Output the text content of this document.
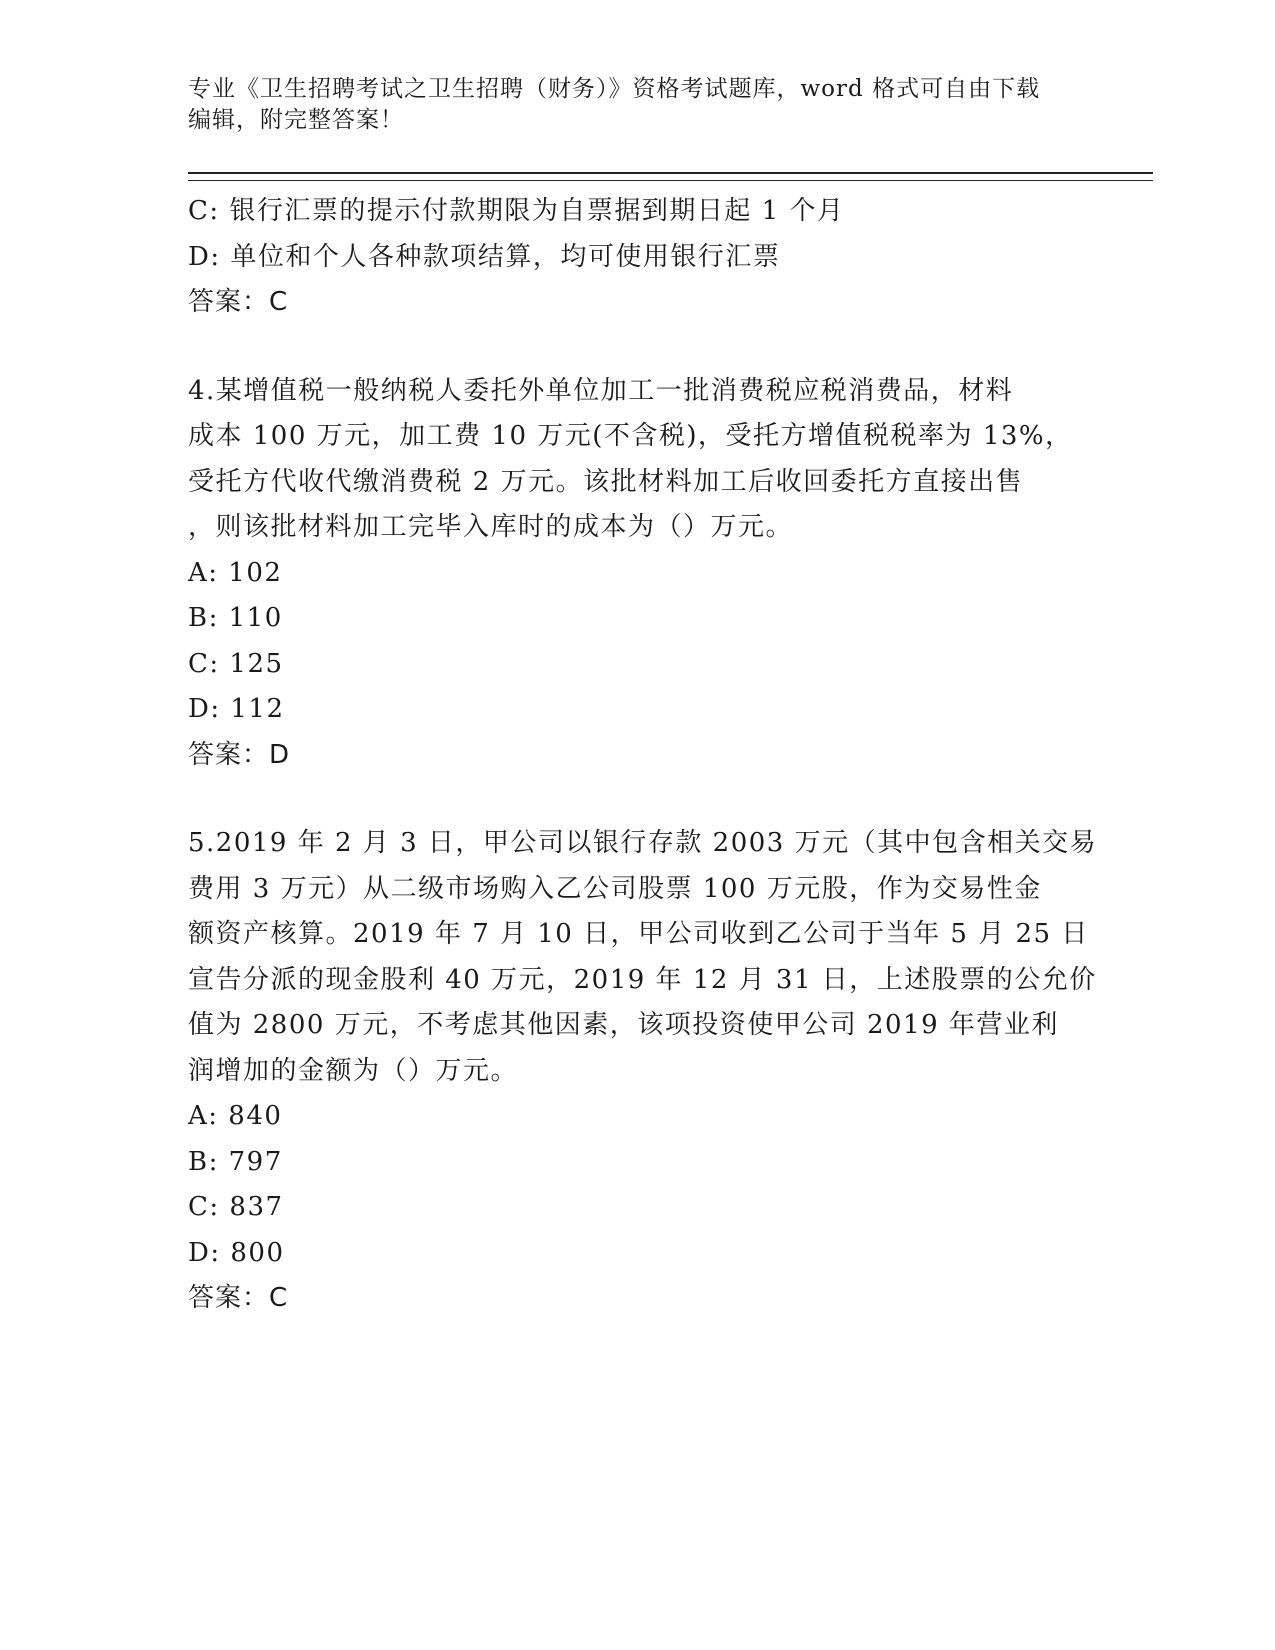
专业《卫生招聘考试之卫生招聘（财务）》资格考试题库，word 格式可自由下载
编辑，附完整答案！
C: 银行汇票的提示付款期限为自票据到期日起 1 个月
D: 单位和个人各种款项结算，均可使用银行汇票
答案：C
4.某增值税一般纳税人委托外单位加工一批消费税应税消费品，材料
成本 100 万元，加工费 10 万元(不含税)，受托方增值税税率为 13%，
受托方代收代缴消费税 2 万元。该批材料加工后收回委托方直接出售
，则该批材料加工完毕入库时的成本为（）万元。
A: 102
B: 110
C: 125
D: 112
答案：D
5.2019 年 2 月 3 日，甲公司以银行存款 2003 万元（其中包含相关交易
费用 3 万元）从二级市场购入乙公司股票 100 万元股，作为交易性金
额资产核算。2019 年 7 月 10 日，甲公司收到乙公司于当年 5 月 25 日
宣告分派的现金股利 40 万元，2019 年 12 月 31 日，上述股票的公允价
值为 2800 万元，不考虑其他因素，该项投资使甲公司 2019 年营业利
润增加的金额为（）万元。
A: 840
B: 797
C: 837
D: 800
答案：C
